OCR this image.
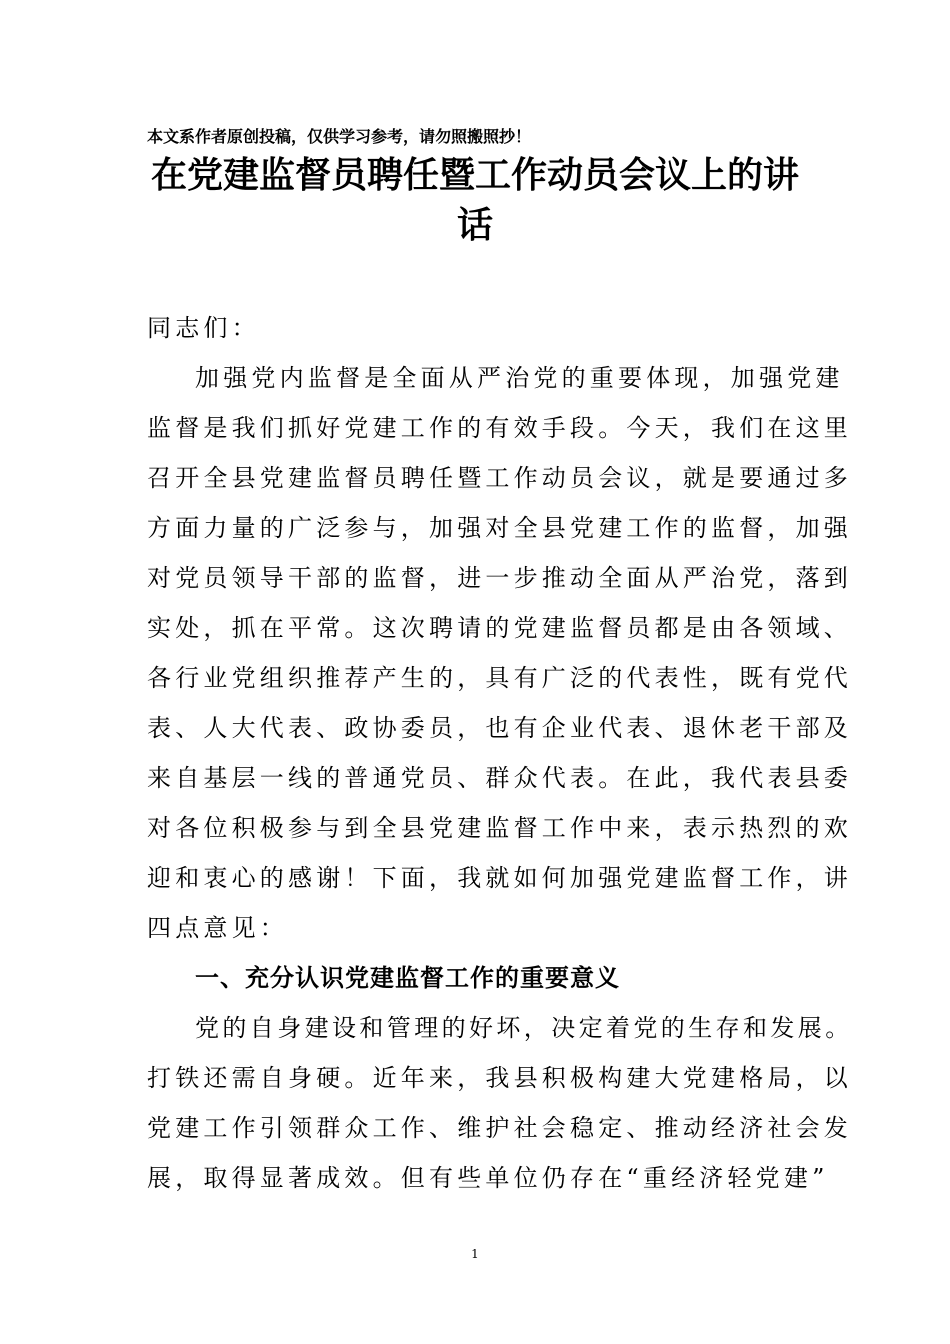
本文系作者原创投稿，仅供学习参考，请勿照搬照抄！
在党建监督员聘任暨工作动员会议上的讲
话
同志们：
加强党内监督是全面从严治党的重要体现，加强党建
监督是我们抓好党建工作的有效手段。今天，我们在这里
召开全县党建监督员聘任暨工作动员会议，就是要通过多
方面力量的广泛参与，加强对全县党建工作的监督，加强
对党员领导干部的监督，进一步推动全面从严治党，落到
实处，抓在平常。这次聘请的党建监督员都是由各领域、
各行业党组织推荐产生的，具有广泛的代表性，既有党代
表、人大代表、政协委员，也有企业代表、退休老干部及
来自基层一线的普通党员、群众代表。在此，我代表县委
对各位积极参与到全县党建监督工作中来，表示热烈的欢
迎和衷心的感谢！下面，我就如何加强党建监督工作，讲
四点意见：
一、充分认识党建监督工作的重要意义
党的自身建设和管理的好坏，决定着党的生存和发展。
打铁还需自身硬。近年来，我县积极构建大党建格局，以
党建工作引领群众工作、维护社会稳定、推动经济社会发
展，取得显著成效。但有些单位仍存在“重经济轻党建”
1
